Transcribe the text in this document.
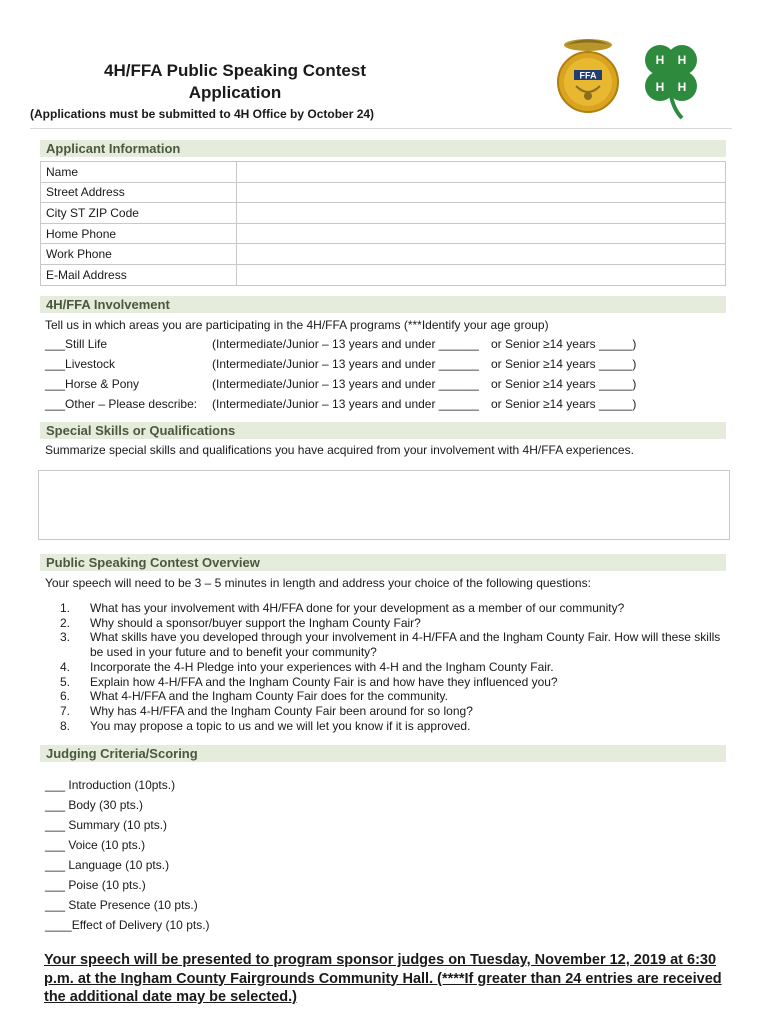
4H/FFA Public Speaking Contest
Application
(Applications must be submitted to 4H Office by October 24)
FFA
H H
H H
Applicant Information
Name	
Street Address	
City ST ZIP Code	
Home Phone	
Work Phone	
E-Mail Address	
4H/FFA Involvement
Tell us in which areas you are participating in the 4H/FFA programs (***Identify your age group)
___Still Life	(Intermediate/Junior – 13 years and under ______ or Senior ≥14 years _____)
___Livestock	(Intermediate/Junior – 13 years and under ______ or Senior ≥14 years _____)
___Horse & Pony	(Intermediate/Junior – 13 years and under ______ or Senior ≥14 years _____)
___Other – Please describe: (Intermediate/Junior – 13 years and under ______ or Senior ≥14 years _____)
Special Skills or Qualifications
Summarize special skills and qualifications you have acquired from your involvement with 4H/FFA experiences.
Public Speaking Contest Overview
Your speech will need to be 3 – 5 minutes in length and address your choice of the following questions:
1.	What has your involvement with 4H/FFA done for your development as a member of our community?
2.	Why should a sponsor/buyer support the Ingham County Fair?
3.	What skills have you developed through your involvement in 4-H/FFA and the Ingham County Fair. How will these skills be used in your future and to benefit your community?
4.	Incorporate the 4-H Pledge into your experiences with 4-H and the Ingham County Fair.
5.	Explain how 4-H/FFA and the Ingham County Fair is and how have they influenced you?
6.	What 4-H/FFA and the Ingham County Fair does for the community.
7.	Why has 4-H/FFA and the Ingham County Fair been around for so long?
8.	You may propose a topic to us and we will let you know if it is approved.
Judging Criteria/Scoring
___ Introduction (10pts.)
___ Body (30 pts.)
___ Summary (10 pts.)
___ Voice (10 pts.)
___ Language (10 pts.)
___ Poise (10 pts.)
___ State Presence (10 pts.)
____Effect of Delivery (10 pts.)
Your speech will be presented to program sponsor judges on Tuesday, November 12, 2019 at 6:30 p.m. at the Ingham County Fairgrounds Community Hall. (****If greater than 24 entries are received the additional date may be selected.)
